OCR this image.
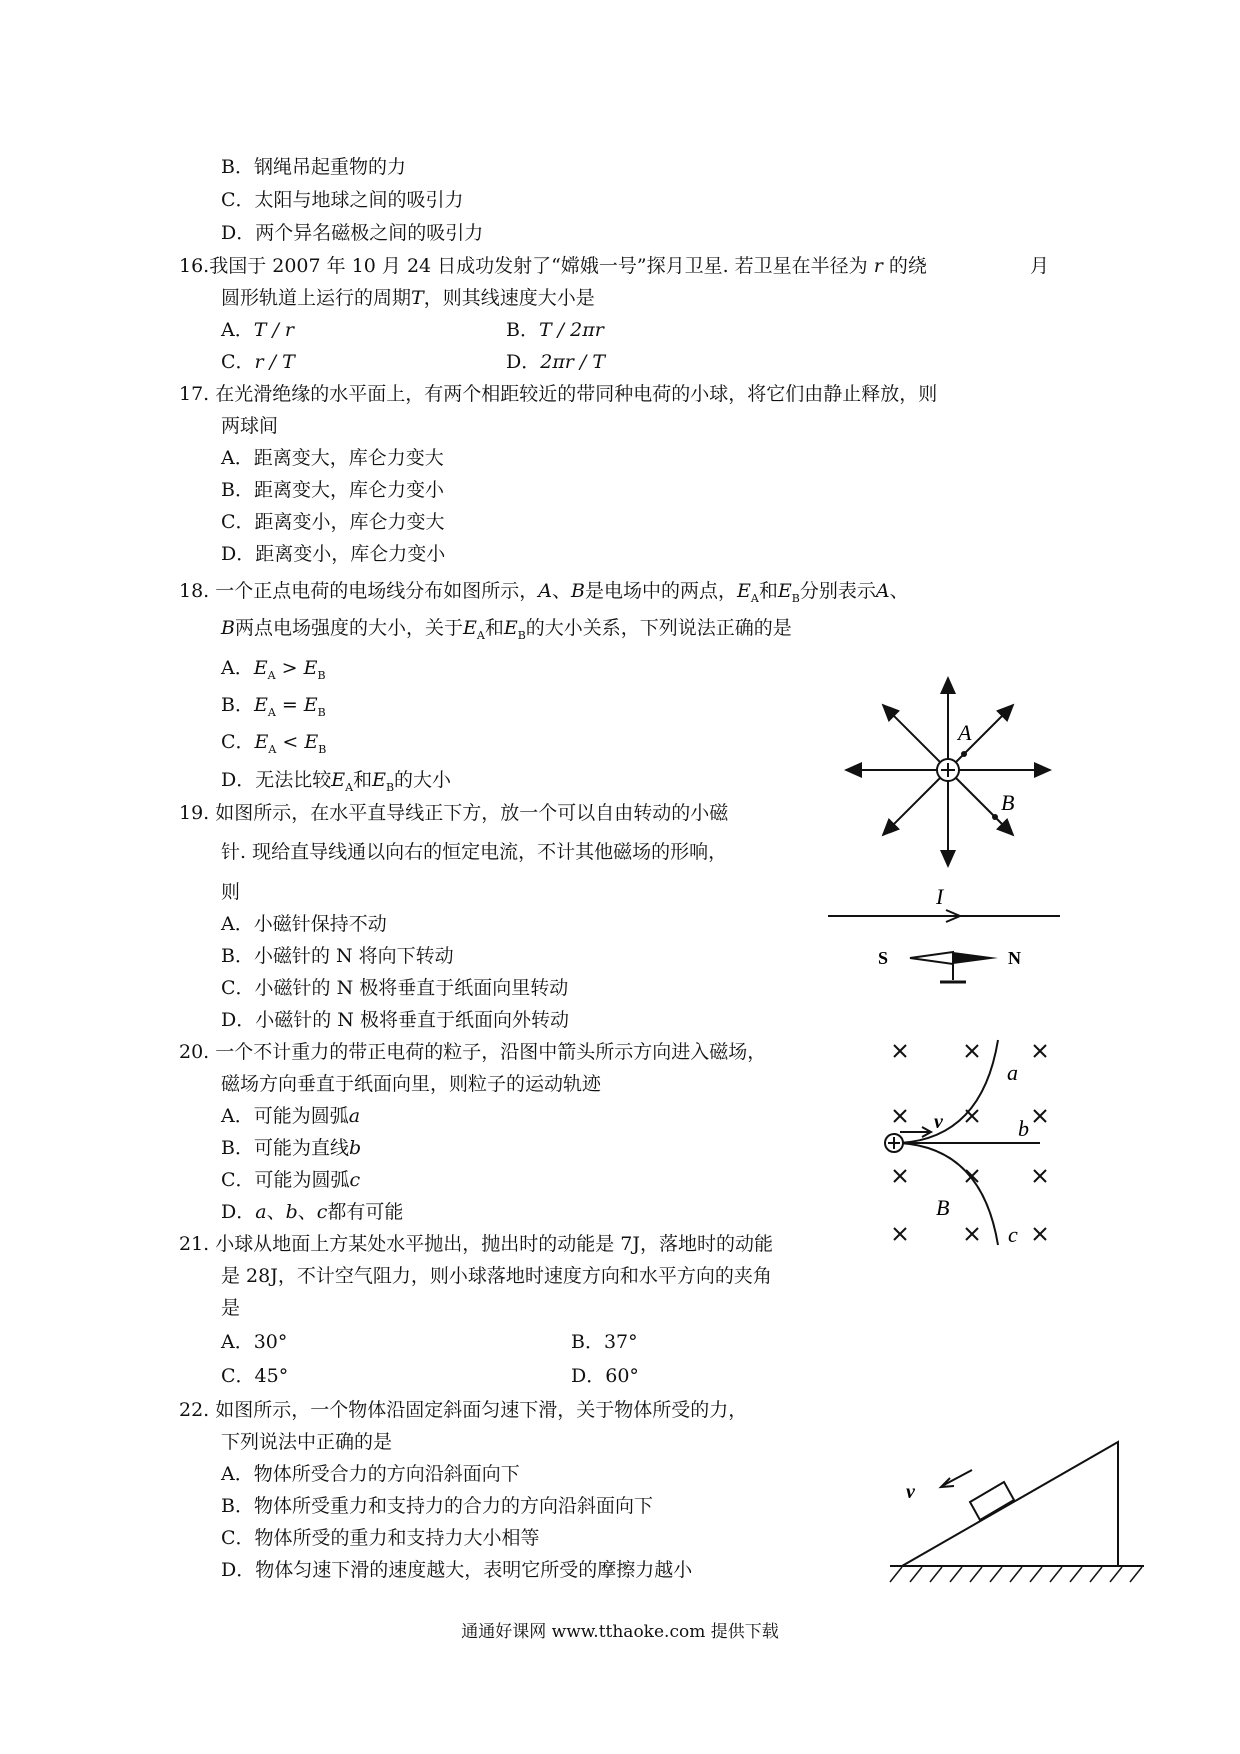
B．钢绳吊起重物的力
C．太阳与地球之间的吸引力
D．两个异名磁极之间的吸引力
16.我国于 2007 年 10 月 24 日成功发射了“嫦娥一号”探月卫星. 若卫星在半径为 r 的绕	月
圆形轨道上运行的周期T，则其线速度大小是
A．T / r	B．T / 2πr
C．r / T	D．2πr / T
17. 在光滑绝缘的水平面上，有两个相距较近的带同种电荷的小球，将它们由静止释放，则
两球间
A．距离变大，库仑力变大
B．距离变大，库仑力变小
C．距离变小，库仑力变大
D．距离变小，库仑力变小
18. 一个正点电荷的电场线分布如图所示，A、B是电场中的两点，$E_A$和$E_B$分别表示A、
B两点电场强度的大小，关于$E_A$和$E_B$的大小关系，下列说法正确的是
A．$E_A > E_B$
B．$E_A = E_B$
C．$E_A < E_B$
D．无法比较$E_A$和$E_B$的大小
A
B
19. 如图所示，在水平直导线正下方，放一个可以自由转动的小磁
针. 现给直导线通以向右的恒定电流，不计其他磁场的形响，
则
A．小磁针保持不动
B．小磁针的 N 将向下转动
C．小磁针的 N 极将垂直于纸面向里转动
D．小磁针的 N 极将垂直于纸面向外转动
I
S	N
20. 一个不计重力的带正电荷的粒子，沿图中箭头所示方向进入磁场，
磁场方向垂直于纸面向里，则粒子的运动轨迹
A．可能为圆弧a
B．可能为直线b
C．可能为圆弧c
D．a、b、c都有可能
v
a
b
c
B
21. 小球从地面上方某处水平抛出，抛出时的动能是 7J，落地时的动能
是 28J，不计空气阻力，则小球落地时速度方向和水平方向的夹角
是
A．30°	B．37°
C．45°	D．60°
22. 如图所示，一个物体沿固定斜面匀速下滑，关于物体所受的力，
下列说法中正确的是
A．物体所受合力的方向沿斜面向下
B．物体所受重力和支持力的合力的方向沿斜面向下
C．物体所受的重力和支持力大小相等
D．物体匀速下滑的速度越大，表明它所受的摩擦力越小
v
通通好课网 www.tthaoke.com 提供下载
